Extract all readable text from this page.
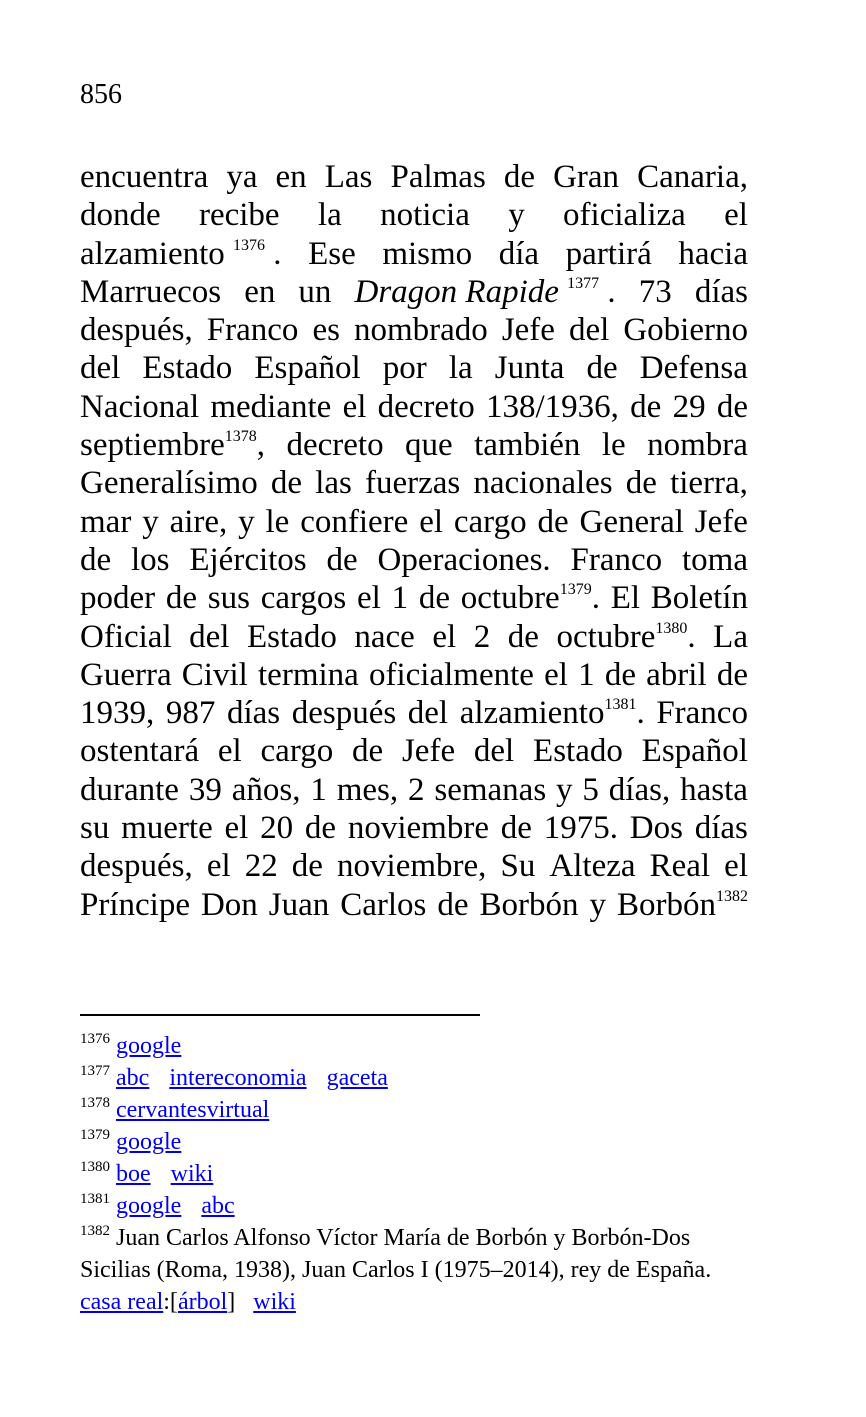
856
encuentra ya en Las Palmas de Gran Canaria,
donde recibe la noticia y oficializa el
alzamiento $^{1376}$ . Ese mismo día partirá hacia
Marruecos en un Dragon Rapide $^{1377}$ . 73 días
después, Franco es nombrado Jefe del Gobierno
del Estado Español por la Junta de Defensa
Nacional mediante el decreto 138/1936, de 29 de
septiembre$^{1378}$, decreto que también le nombra
Generalísimo de las fuerzas nacionales de tierra,
mar y aire, y le confiere el cargo de General Jefe
de los Ejércitos de Operaciones. Franco toma
poder de sus cargos el 1 de octubre$^{1379}$. El Boletín
Oficial del Estado nace el 2 de octubre$^{1380}$. La
Guerra Civil termina oficialmente el 1 de abril de
1939, 987 días después del alzamiento$^{1381}$. Franco
ostentará el cargo de Jefe del Estado Español
durante 39 años, 1 mes, 2 semanas y 5 días, hasta
su muerte el 20 de noviembre de 1975. Dos días
después, el 22 de noviembre, Su Alteza Real el
Príncipe Don Juan Carlos de Borbón y Borbón$^{1382}$
$^{1376}$ google
$^{1377}$ abc intereconomia gaceta
$^{1378}$ cervantesvirtual
$^{1379}$ google
$^{1380}$ boe wiki
$^{1381}$ google abc
$^{1382}$ Juan Carlos Alfonso Víctor María de Borbón y Borbón-Dos
Sicilias (Roma, 1938), Juan Carlos I (1975–2014), rey de España.
casa real:[árbol] wiki
